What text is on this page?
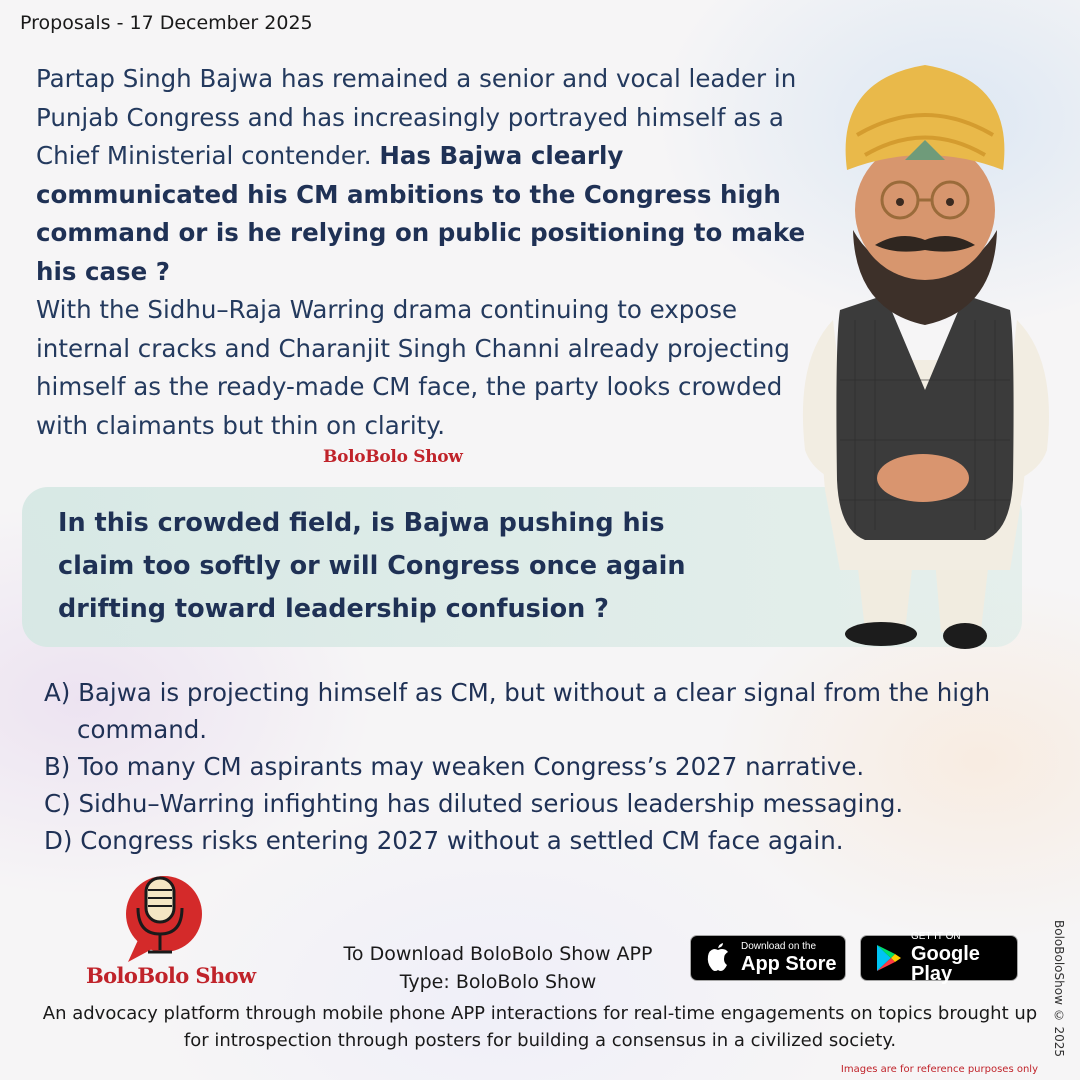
Proposals - 17 December 2025
Partap Singh Bajwa has remained a senior and vocal leader in Punjab Congress and has increasingly portrayed himself as a Chief Ministerial contender. Has Bajwa clearly communicated his CM ambitions to the Congress high command or is he relying on public positioning to make his case ?
With the Sidhu–Raja Warring drama continuing to expose internal cracks and Charanjit Singh Channi already projecting himself as the ready-made CM face, the party looks crowded with claimants but thin on clarity.
BoloBolo Show
In this crowded field, is Bajwa pushing his claim too softly or will Congress once again drifting toward leadership confusion ?
A) Bajwa is projecting himself as CM, but without a clear signal from the high command.
B) Too many CM aspirants may weaken Congress’s 2027 narrative.
C) Sidhu–Warring infighting has diluted serious leadership messaging.
D) Congress risks entering 2027 without a settled CM face again.
BoloBolo Show
To Download BoloBolo Show APP
Type: BoloBolo Show
Download on the
App Store
GET IT ON
Google Play
An advocacy platform through mobile phone APP interactions for real-time engagements on topics brought up for introspection through posters for building a consensus in a civilized society.	BoloBoloShow © 2025
Images are for reference purposes only
